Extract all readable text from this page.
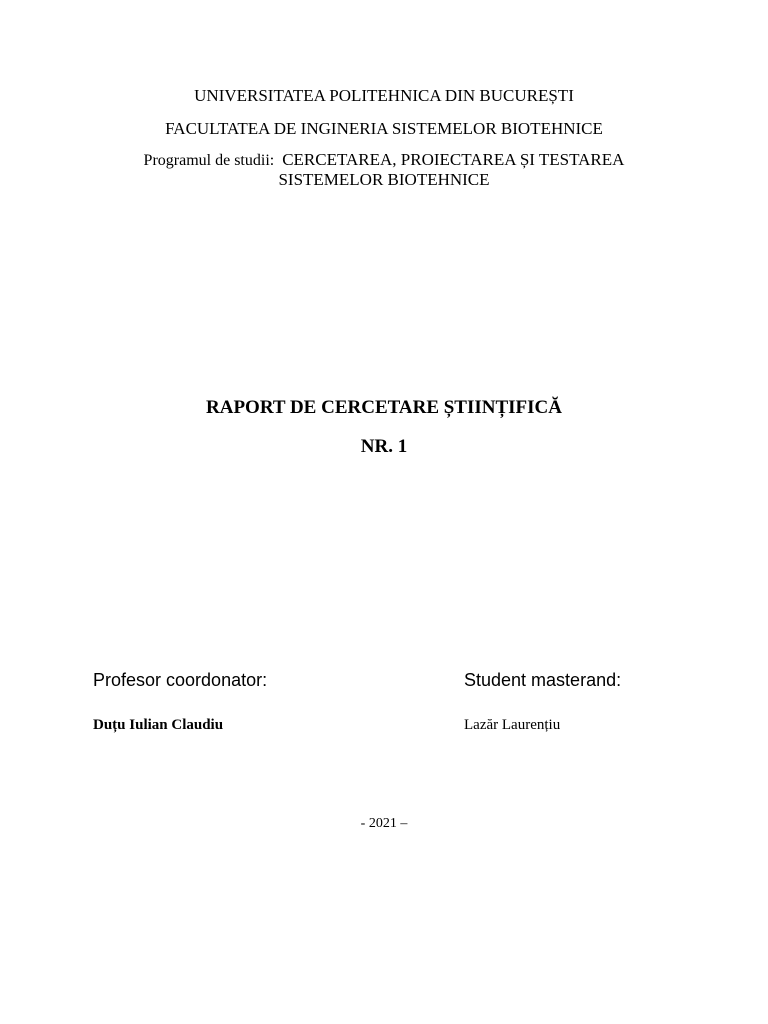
UNIVERSITATEA POLITEHNICA DIN BUCUREȘTI
FACULTATEA DE INGINERIA SISTEMELOR BIOTEHNICE
Programul de studii: CERCETAREA, PROIECTAREA ȘI TESTAREA
SISTEMELOR BIOTEHNICE
RAPORT DE CERCETARE ȘTIINȚIFICĂ
NR. 1
Profesor coordonator:	Student masterand:
Duțu Iulian Claudiu	Lazăr Laurențiu
- 2021 –
